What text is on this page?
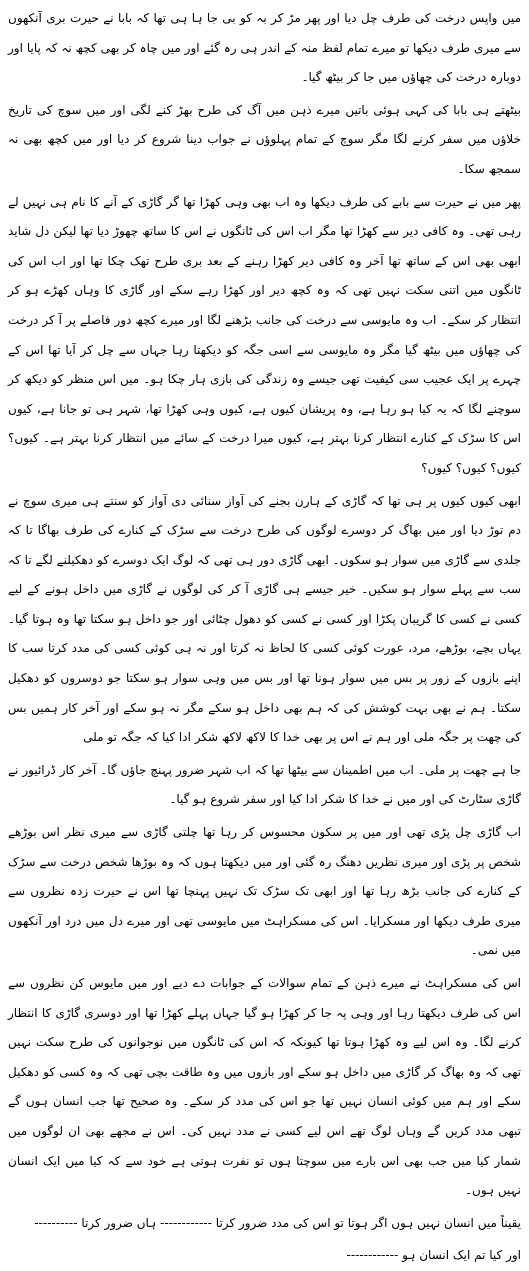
میں واپس درخت کی طرف چل دیا اور پھر مڑ کر بہ کو بی جا ہا ہی تھا کہ بابا نے حیرت بری آنکھوں سے میری طرف دیکھا تو میرے تمام لفظ منہ کے اندر ہی رہ گئے اور میں چاہ کر بھی کچھ نہ کہ پایا اور دوبارہ درخت کی چھاؤں میں جا کر بیٹھ گیا۔

بیٹھتے ہی بابا کی کہی ہوئی باتیں میرے ذہن میں آگ کی طرح بھڑ کنے لگی اور میں سوچ کی تاریخ خلاؤں میں سفر کرنے لگا مگر سوچ کے تمام پہلوؤں نے جواب دینا شروع کر دیا اور میں کچھ بھی نہ سمجھ سکا۔

پھر میں نے حیرت سے بابے کی طرف دیکھا وہ اب بھی وہی کھڑا تھا گر گاڑی کے آنے کا نام ہی نہیں لے رہی تھی۔ وہ کافی دیر سے کھڑا تھا مگر اب اس کی ٹانگوں نے اس کا ساتھ چھوڑ دیا تھا لیکن دل شاید ابھی بھی اس کے ساتھ تھا آخر وہ کافی دیر کھڑا رہنے کے بعد بری طرح تھک چکا تھا اور اب اس کی ٹانگوں میں اتنی سکت نہیں تھی کہ وہ کچھ دیر اور کھڑا رہے سکے اور گاڑی کا وہاں کھڑے ہو کر انتظار کر سکے۔ اب وہ مایوسی سے درخت کی جانب بڑھنے لگا اور میرے کچھ دور فاصلے پر آ کر درخت کی چھاؤں میں بیٹھ گیا مگر وہ مایوسی سے اسی جگہ کو دیکھتا رہا جہاں سے چل کر آیا تھا اس کے چہرے پر ایک عجیب سی کیفیت تھی جیسے وہ زندگی کی بازی ہار چکا ہو۔ میں اس منظر کو دیکھ کر سوچنے لگا کہ یہ کیا ہو رہا ہے، وہ پریشان کیوں ہے، کیوں وہی کھڑا تھا، شہر ہی تو جانا ہے، کیوں اس کا سڑک کے کنارے انتظار کرنا بہتر ہے، کیوں میرا درخت کے سائے میں انتظار کرنا بہتر ہے۔ کیوں؟ کیوں؟ کیوں؟ کیوں؟

ابھی کیوں کیوں پر ہی تھا کہ گاڑی کے ہارن بجنے کی آواز سنائی دی آواز کو سنتے ہی میری سوچ نے دم توڑ دیا اور میں بھاگ کر دوسرے لوگوں کی طرح درخت سے سڑک کے کنارے کی طرف بھاگا تا کہ جلدی سے گاڑی میں سوار ہو سکوں۔ ابھی گاڑی دور ہی تھی کہ لوگ ایک دوسرے کو دھکیلنے لگے تا کہ سب سے پہلے سوار ہو سکیں۔ خیر جیسے ہی گاڑی آ کر کی لوگوں نے گاڑی میں داخل ہونے کے لیے کسی نے کسی کا گریبان پکڑا اور کسی نے کسی کو دھول چٹائی اور جو داخل ہو سکتا تھا وہ ہوتا گیا۔ یہاں بچے، بوڑھے، مرد، عورت کوئی کسی کا لحاظ نہ کرتا اور نہ ہی کوئی کسی کی مدد کرتا سب کا اپنے بازوں کے زور پر بس میں سوار ہونا تھا اور بس میں وہی سوار ہو سکتا جو دوسروں کو دھکیل سکتا۔ ہم نے بھی بہت کوشش کی کہ ہم بھی داخل ہو سکے مگر نہ ہو سکے اور آخر کار ہمیں بس کی چھت پر جگہ ملی اور ہم نے اس پر بھی خدا کا لاکھ لاکھ شکر ادا کیا کہ جگہ تو ملی

جا ہے چھت پر ملی۔ اب میں اطمینان سے بیٹھا تھا کہ اب شہر ضرور پہنچ جاؤں گا۔ آخر کار ڈرائیور نے گاڑی سٹارٹ کی اور میں نے خدا کا شکر ادا کیا اور سفر شروع ہو گیا۔

اب گاڑی چل پڑی تھی اور میں پر سکون محسوس کر رہا تھا چلتی گاڑی سے میری نظر اس بوڑھے شخص پر پڑی اور میری نظریں دھنگ رہ گئی اور میں دیکھتا ہوں کہ وہ بوڑھا شخص درخت سے سڑک کے کنارے کی جانب بڑھ رہا تھا اور ابھی تک سڑک تک نہیں پہنچا تھا اس نے حیرت زدہ نظروں سے میری طرف دیکھا اور مسکرایا۔ اس کی مسکراہٹ میں مایوسی تھی اور میرے دل میں درد اور آنکھوں میں نمی۔

اس کی مسکراہٹ نے میرے ذہن کے تمام سوالات کے جوابات دے دیے اور میں مایوس کن نظروں سے اس کی طرف دیکھتا رہا اور وہی پہ جا کر کھڑا ہو گیا جہاں پہلے کھڑا تھا اور دوسری گاڑی کا انتظار کرنے لگا۔ وہ اس لیے وہ کھڑا ہوتا تھا کیونکہ کہ اس کی ٹانگوں میں نوجوانوں کی طرح سکت نہیں تھی کہ وہ بھاگ کر گاڑی میں داخل ہو سکے اور بازوں میں وہ طاقت بچی تھی کہ وہ کسی کو دھکیل سکے اور ہم میں کوئی انسان نہیں تھا جو اس کی مدد کر سکے۔ وہ صحیح تھا جب انسان ہوں گے تبھی مدد کریں گے وہاں لوگ تھے اس لیے کسی نے مدد نہیں کی۔ اس نے مجھے بھی ان لوگوں میں شمار کیا میں جب بھی اس بارے میں سوچتا ہوں تو نفرت ہوتی ہے خود سے کہ کیا میں ایک انسان نہیں ہوں۔

یقیناً میں انسان نہیں ہوں اگر ہوتا تو اس کی مدد ضرور کرتا ------------ ہاں ضرور کرتا ----------

اور کیا تم ایک انسان ہو ------------
